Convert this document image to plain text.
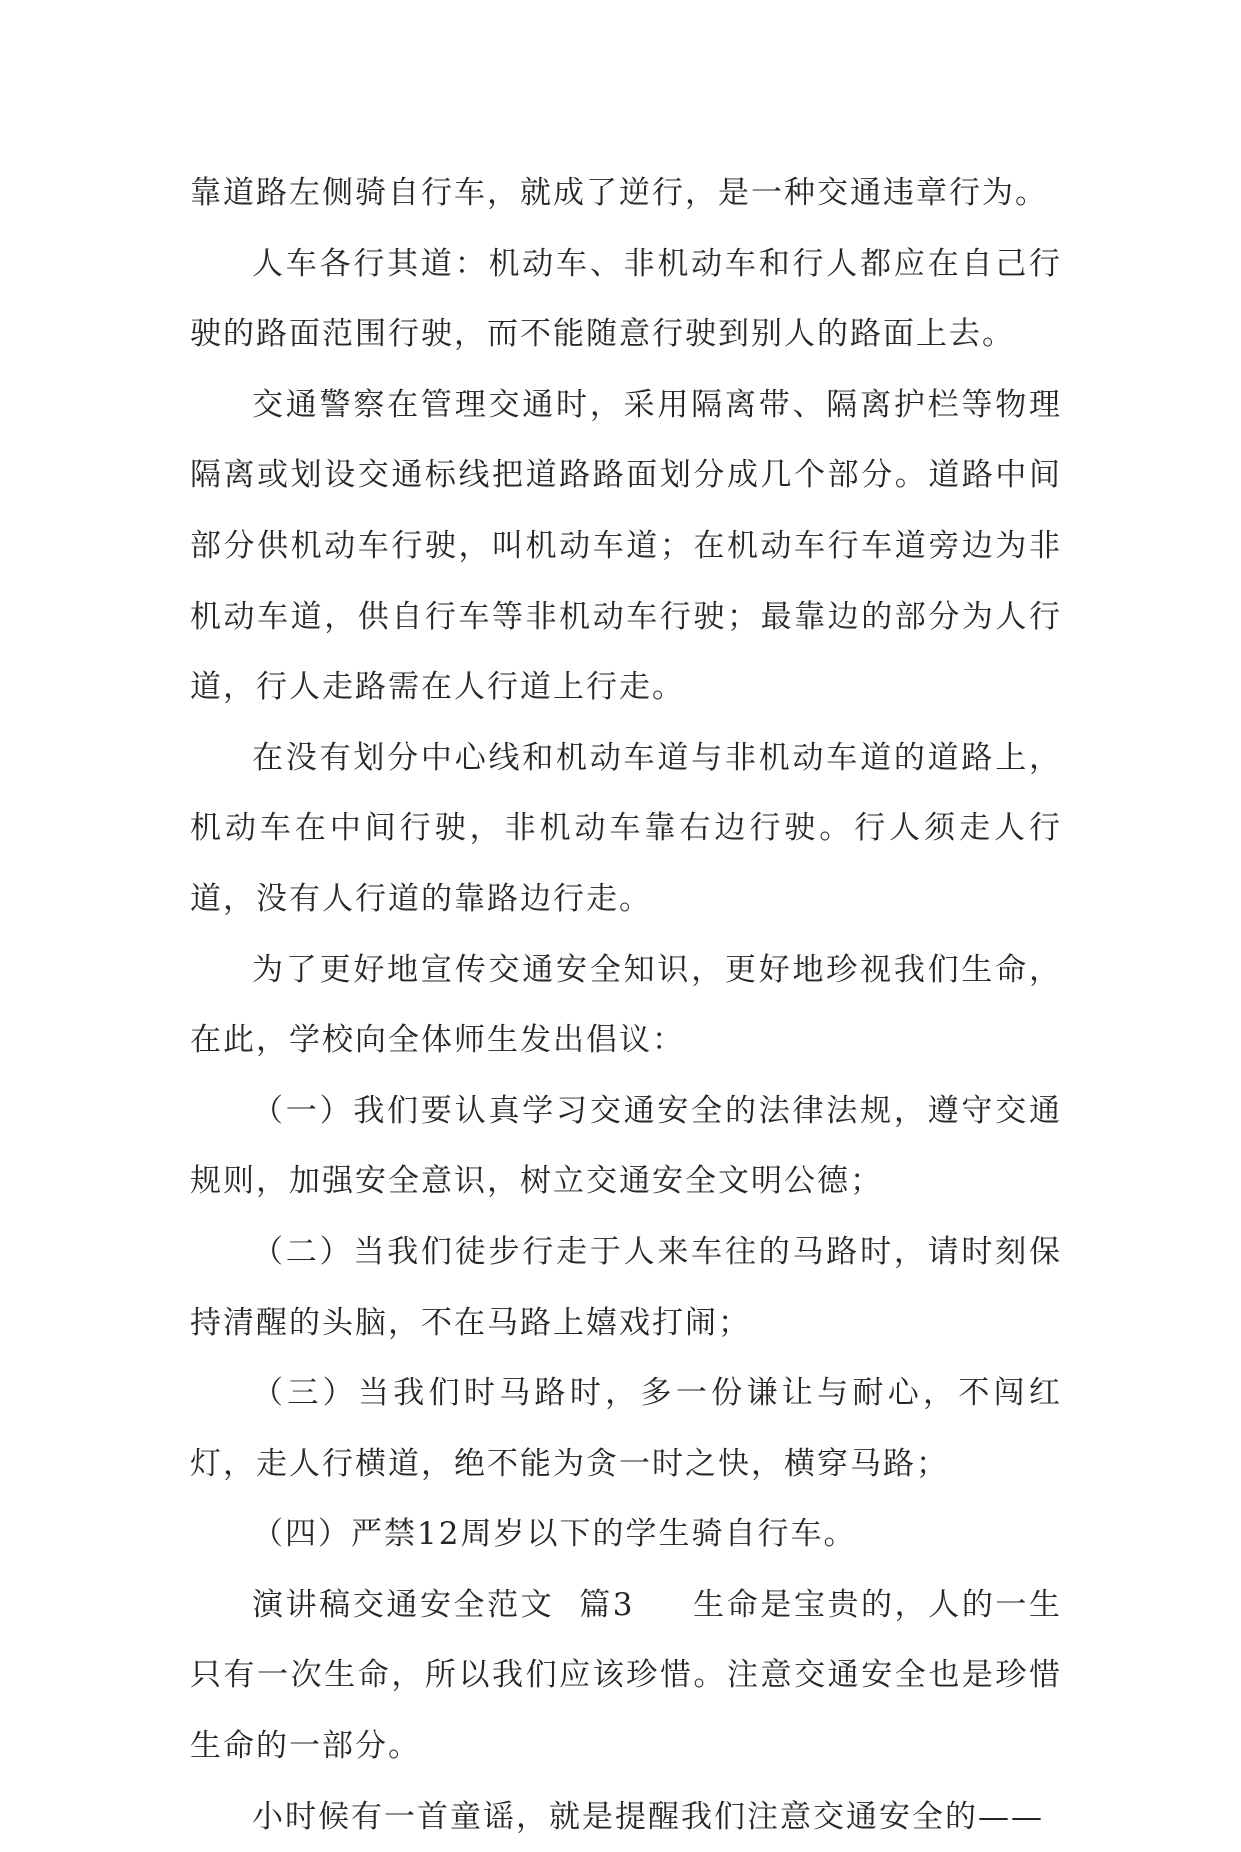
靠道路左侧骑自行车，就成了逆行，是一种交通违章行为。

人车各行其道：机动车、非机动车和行人都应在自己行驶的路面范围行驶，而不能随意行驶到别人的路面上去。

交通警察在管理交通时，采用隔离带、隔离护栏等物理隔离或划设交通标线把道路路面划分成几个部分。道路中间部分供机动车行驶，叫机动车道；在机动车行车道旁边为非机动车道，供自行车等非机动车行驶；最靠边的部分为人行道，行人走路需在人行道上行走。

在没有划分中心线和机动车道与非机动车道的道路上，机动车在中间行驶，非机动车靠右边行驶。行人须走人行道，没有人行道的靠路边行走。

为了更好地宣传交通安全知识，更好地珍视我们生命，在此，学校向全体师生发出倡议：

（一）我们要认真学习交通安全的法律法规，遵守交通规则，加强安全意识，树立交通安全文明公德；

（二）当我们徒步行走于人来车往的马路时，请时刻保持清醒的头脑，不在马路上嬉戏打闹；

（三）当我们时马路时，多一份谦让与耐心，不闯红灯，走人行横道，绝不能为贪一时之快，横穿马路；

（四）严禁12周岁以下的学生骑自行车。

演讲稿交通安全范文  篇3 生命是宝贵的，人的一生只有一次生命，所以我们应该珍惜。注意交通安全也是珍惜生命的一部分。

小时候有一首童谣，就是提醒我们注意交通安全的——
